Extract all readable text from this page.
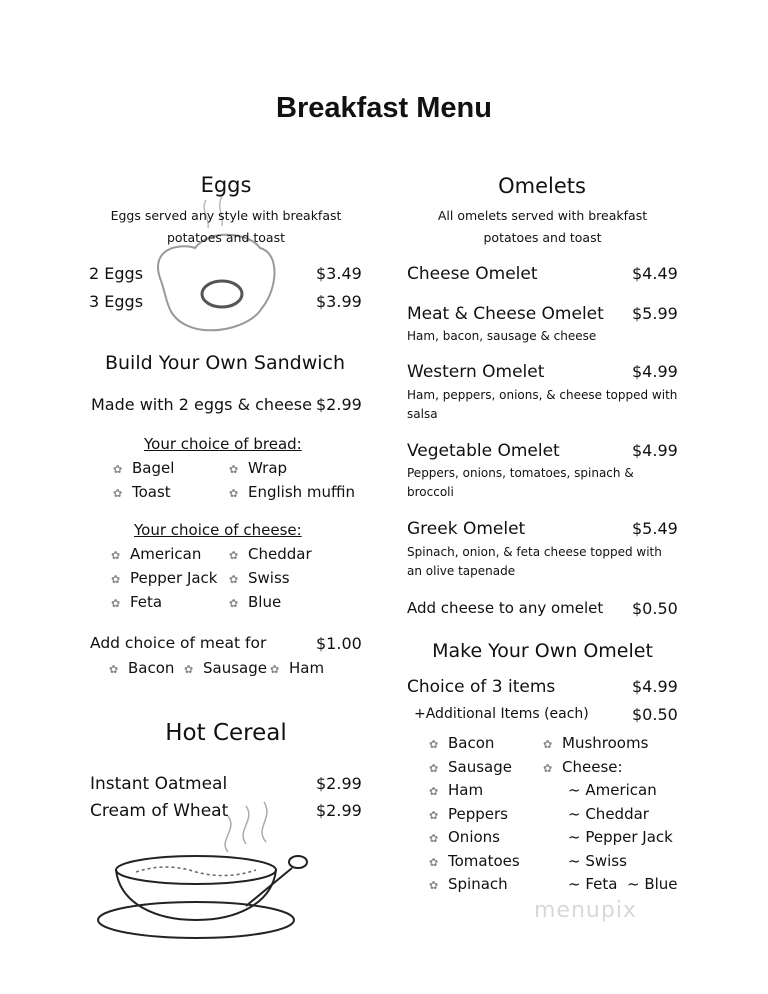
Breakfast Menu
Eggs
Eggs served any style with breakfast
potatoes and toast
2 Eggs	$3.49
3 Eggs	$3.99
Build Your Own Sandwich
Made with 2 eggs & cheese $2.99
Your choice of bread:
✿ Bagel	✿ Wrap
✿ Toast	✿ English muffin
Your choice of cheese:
✿ American	✿ Cheddar
✿ Pepper Jack ✿ Swiss
✿ Feta	✿ Blue
Add choice of meat for	$1.00
✿ Bacon ✿ Sausage ✿ Ham
Hot Cereal
Instant Oatmeal	$2.99
Cream of Wheat	$2.99
Omelets
All omelets served with breakfast
potatoes and toast
Cheese Omelet	$4.49
Meat & Cheese Omelet $5.99
Ham, bacon, sausage & cheese
Western Omelet	$4.99
Ham, peppers, onions, & cheese topped with
salsa
Vegetable Omelet	$4.99
Peppers, onions, tomatoes, spinach &
broccoli
Greek Omelet	$5.49
Spinach, onion, & feta cheese topped with
an olive tapenade
Add cheese to any omelet $0.50
Make Your Own Omelet
Choice of 3 items	$4.99
+Additional Items (each)	$0.50
✿ Bacon
✿ Sausage
✿ Ham
✿ Peppers
✿ Onions
✿ Tomatoes
✿ Spinach
✿ Mushrooms
✿ Cheese:
~ American
~ Cheddar
~ Pepper Jack
~ Swiss
~ Feta ~ Blue
menupix
